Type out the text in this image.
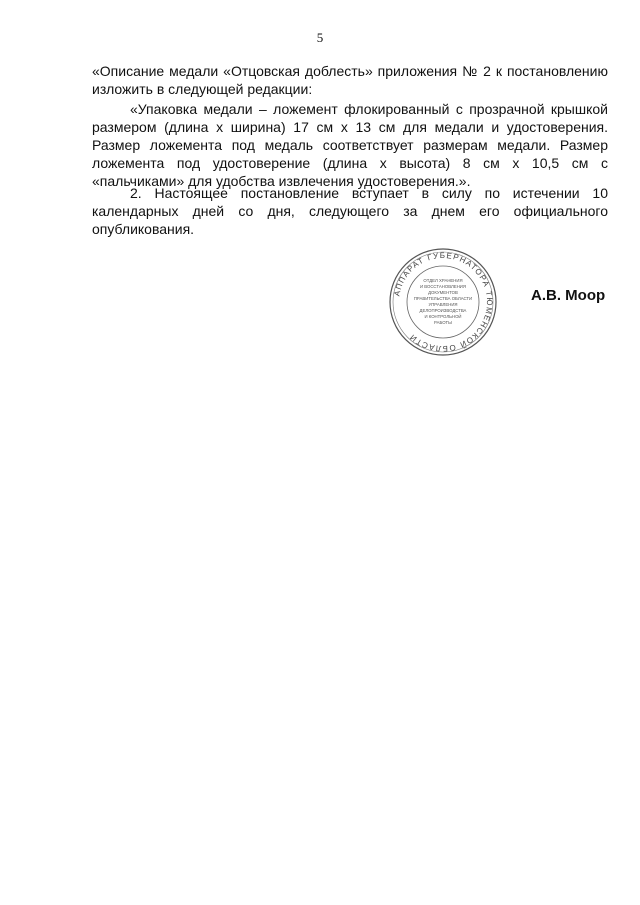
5

«Описание медали «Отцовская доблесть» приложения № 2 к постановлению изложить в следующей редакции:

«Упаковка медали – ложемент флокированный с прозрачной крышкой размером (длина х ширина) 17 см х 13 см для медали и удостоверения. Размер ложемента под медаль соответствует размерам медали. Размер ложемента под удостоверение (длина х высота) 8 см х 10,5 см с «пальчиками» для удобства извлечения удостоверения.».

2. Настоящее постановление вступает в силу по истечении 10 календарных дней со дня, следующего за днем его официального опубликования.

АППАРАТ ГУБЕРНАТОРА ТЮМЕНСКОЙ ОБЛАСТИ
ОТДЕЛ ХРАНЕНИЯ
И ВОССТАНОВЛЕНИЯ
ДОКУМЕНТОВ
ПРАВИТЕЛЬСТВА ОБЛАСТИ
УПРАВЛЕНИЯ
ДЕЛОПРОИЗВОДСТВА
И КОНТРОЛЬНОЙ
РАБОТЫ
А.В. Моор
